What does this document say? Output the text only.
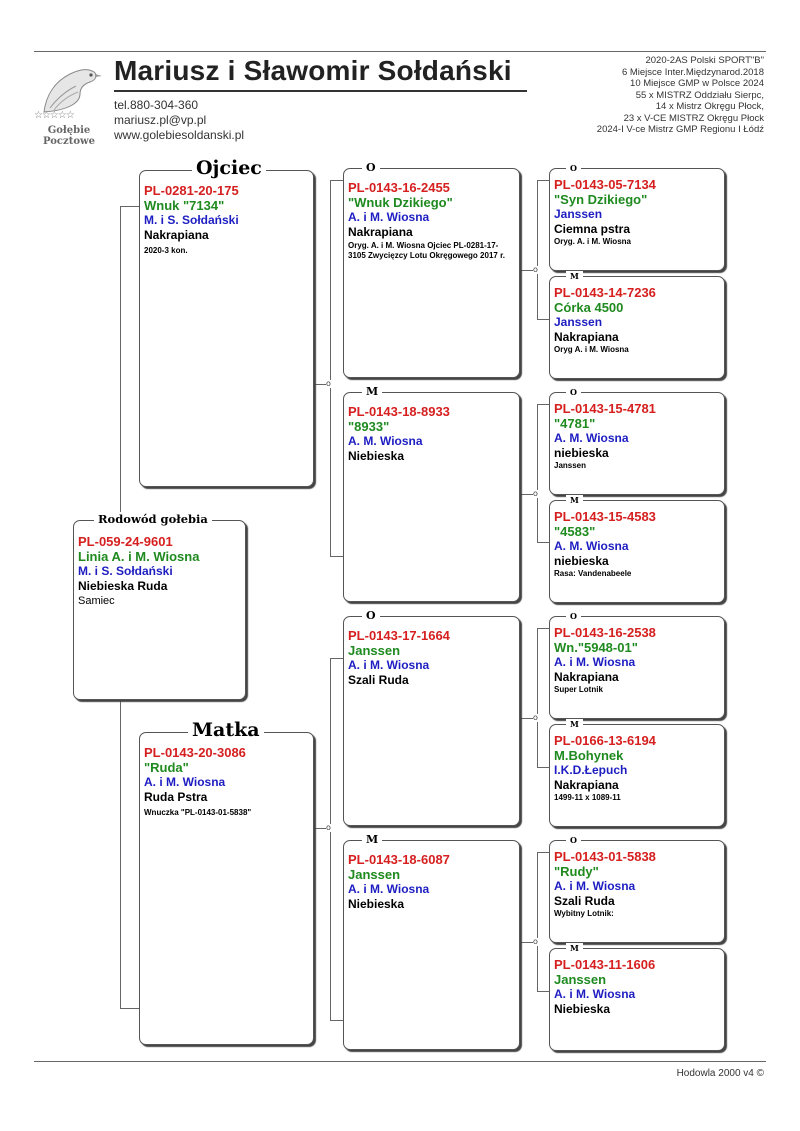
☆☆☆☆☆
Gołębie
Pocztowe
Mariusz i Sławomir Sołdański
tel.880-304-360
mariusz.pl@vp.pl
www.golebiesoldanski.pl
2020-2AS Polski SPORT"B"
6 Miejsce Inter.Międzynarod.2018
10 Miejsce GMP w Polsce 2024
55 x MISTRZ Oddziału Sierpc,
14 x Mistrz Okręgu Płock,
23 x V-CE MISTRZ Okręgu Płock
2024-I V-ce Mistrz GMP Regionu I Łódź
o
o
o
o
o
o
Rodowód gołebia
PL-059-24-9601
Linia A. i M. Wiosna
M. i S. Sołdański
Niebieska Ruda
Samiec
Ojciec
PL-0281-20-175
Wnuk "7134"
M. i S. Sołdański
Nakrapiana
2020-3 kon.
Matka
PL-0143-20-3086
"Ruda"
A. i M. Wiosna
Ruda Pstra
Wnuczka "PL-0143-01-5838"
O
PL-0143-16-2455
"Wnuk Dzikiego"
A. i M. Wiosna
Nakrapiana
Oryg. A. i M. Wiosna Ojciec PL-0281-17-3105 Zwycięzcy Lotu Okręgowego 2017 r.
M
PL-0143-18-8933
"8933"
A. M. Wiosna
Niebieska
O
PL-0143-17-1664
Janssen
A. i M. Wiosna
Szali Ruda
M
PL-0143-18-6087
Janssen
A. i M. Wiosna
Niebieska
O
PL-0143-05-7134
"Syn Dzikiego"
Janssen
Ciemna pstra
Oryg. A. i M. Wiosna
M
PL-0143-14-7236
Córka 4500
Janssen
Nakrapiana
Oryg A. i M. Wiosna
O
PL-0143-15-4781
"4781"
A. M. Wiosna
niebieska
Janssen
M
PL-0143-15-4583
"4583"
A. M. Wiosna
niebieska
Rasa: Vandenabeele
O
PL-0143-16-2538
Wn."5948-01"
A. i M. Wiosna
Nakrapiana
Super Lotnik
M
PL-0166-13-6194
M.Bohynek
I.K.D.Łepuch
Nakrapiana
1499-11 x 1089-11
O
PL-0143-01-5838
"Rudy"
A. i M. Wiosna
Szali Ruda
Wybitny Lotnik:
M
PL-0143-11-1606
Janssen
A. i M. Wiosna
Niebieska
Hodowla 2000 v4 ©
